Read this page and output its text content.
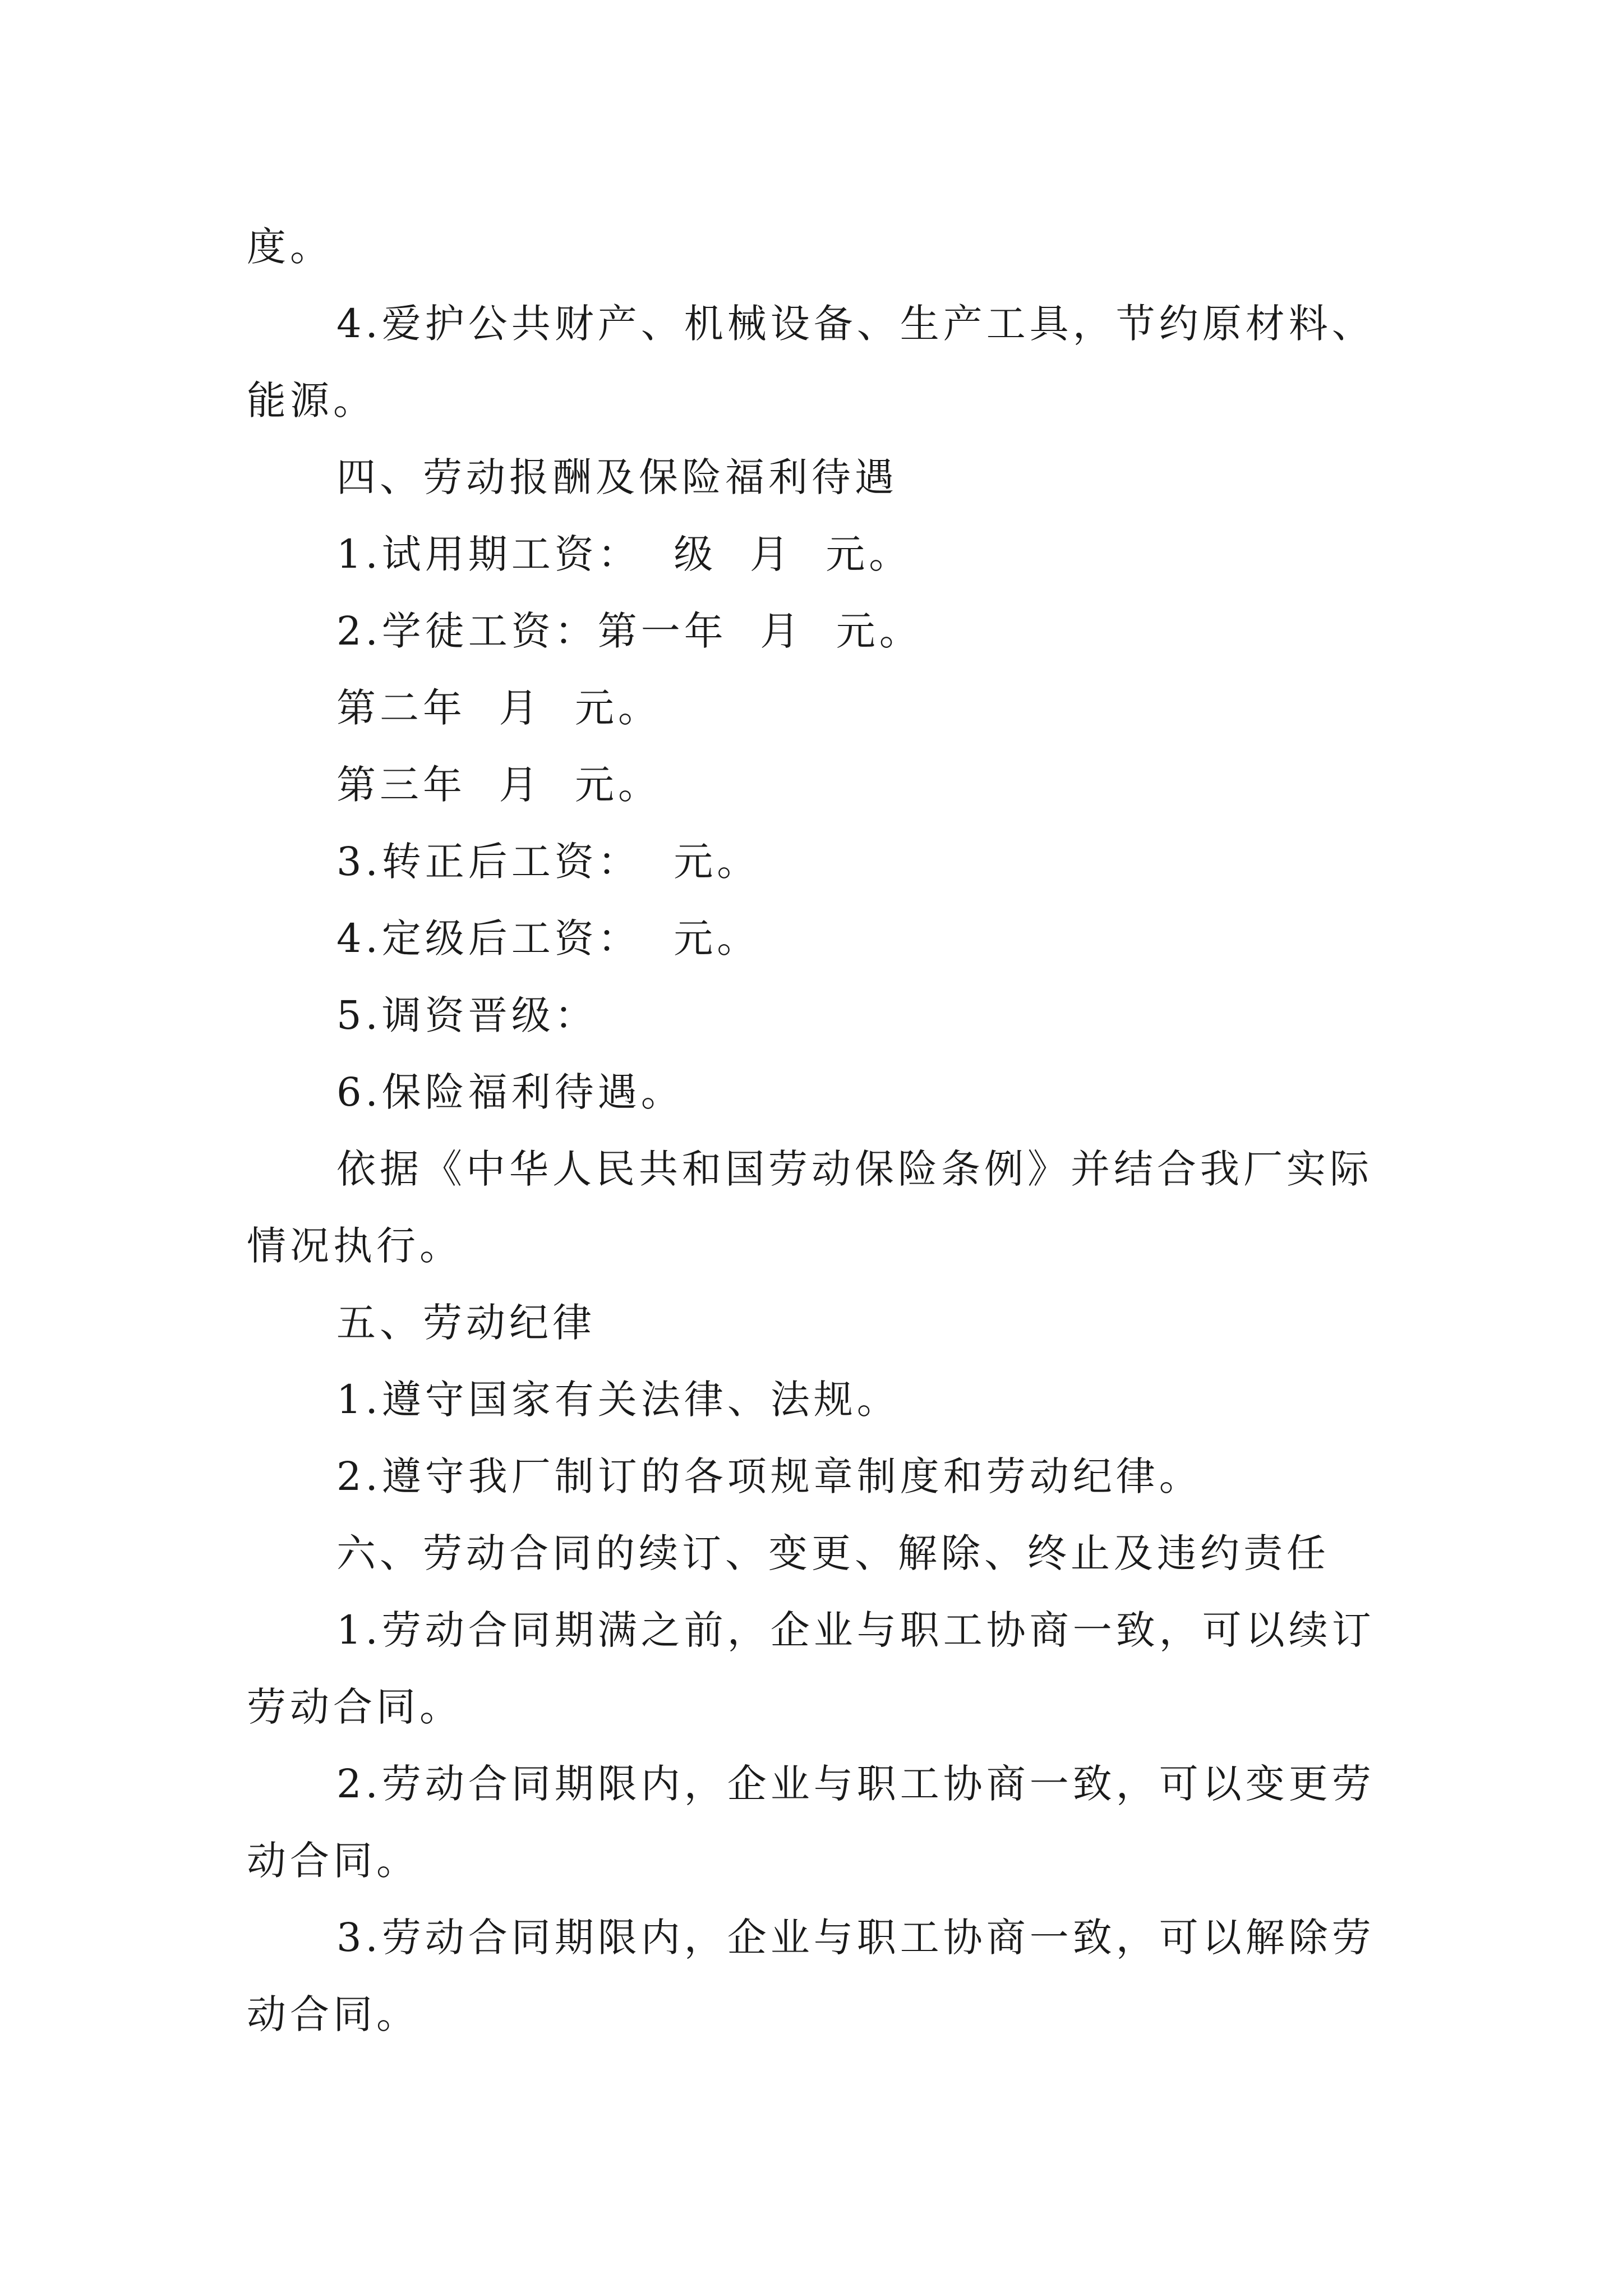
度。
4.爱护公共财产、机械设备、生产工具，节约原材料、
能源。
四、劳动报酬及保险福利待遇
1.试用期工资：  级  月  元。
2.学徒工资：第一年  月  元。
第二年  月  元。
第三年  月  元。
3.转正后工资：  元。
4.定级后工资：  元。
5.调资晋级：
6.保险福利待遇。
依据《中华人民共和国劳动保险条例》并结合我厂实际
情况执行。
五、劳动纪律
1.遵守国家有关法律、法规。
2.遵守我厂制订的各项规章制度和劳动纪律。
六、劳动合同的续订、变更、解除、终止及违约责任
1.劳动合同期满之前，企业与职工协商一致，可以续订
劳动合同。
2.劳动合同期限内，企业与职工协商一致，可以变更劳
动合同。
3.劳动合同期限内，企业与职工协商一致，可以解除劳
动合同。
